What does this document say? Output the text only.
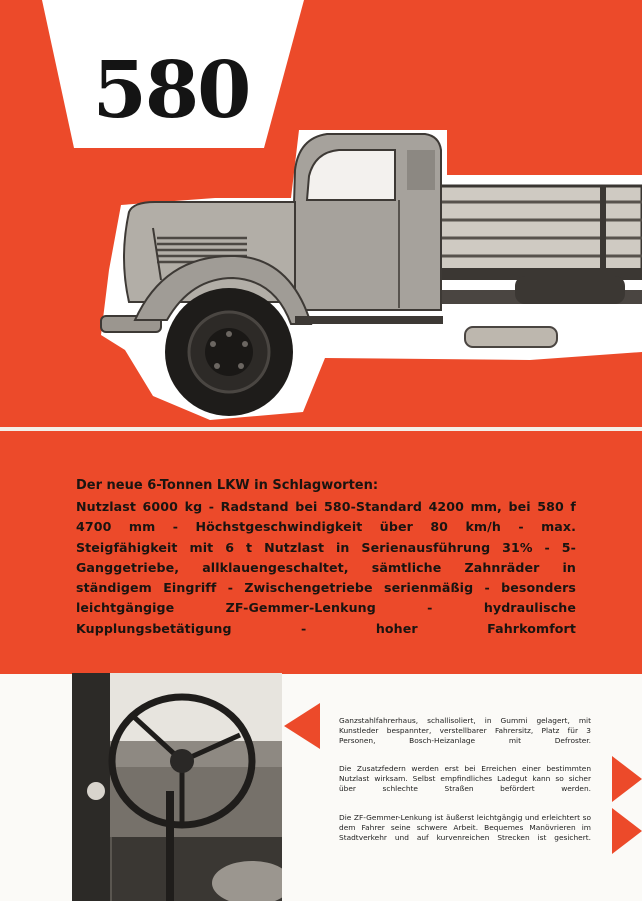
580
Der neue 6-Tonnen LKW in Schlagworten:

Nutzlast 6000 kg - Radstand bei 580-Standard 4200 mm, bei 580 f 4700 mm - Höchstgeschwindigkeit über 80 km/h - max. Steigfähigkeit mit 6 t Nutzlast in Serienausführung 31% - 5-Ganggetriebe, allklauengeschaltet, sämtliche Zahnräder in ständigem Eingriff - Zwischengetriebe serienmäßig - besonders leichtgängige ZF-Gemmer-Lenkung - hydraulische Kupplungsbetätigung - hoher Fahrkomfort

Ganzstahlfahrerhaus, schallisoliert, in Gummi gelagert, mit Kunstleder bespannter, verstellbarer Fahrersitz, Platz für 3 Personen, Bosch-Heizanlage mit Defroster.

Die Zusatzfedern werden erst bei Erreichen einer bestimmten Nutzlast wirksam. Selbst empfindliches Ladegut kann so sicher über schlechte Straßen befördert werden.

Die ZF-Gemmer-Lenkung ist äußerst leichtgängig und erleichtert so dem Fahrer seine schwere Arbeit. Bequemes Manövrieren im Stadtverkehr und auf kurvenreichen Strecken ist gesichert.
